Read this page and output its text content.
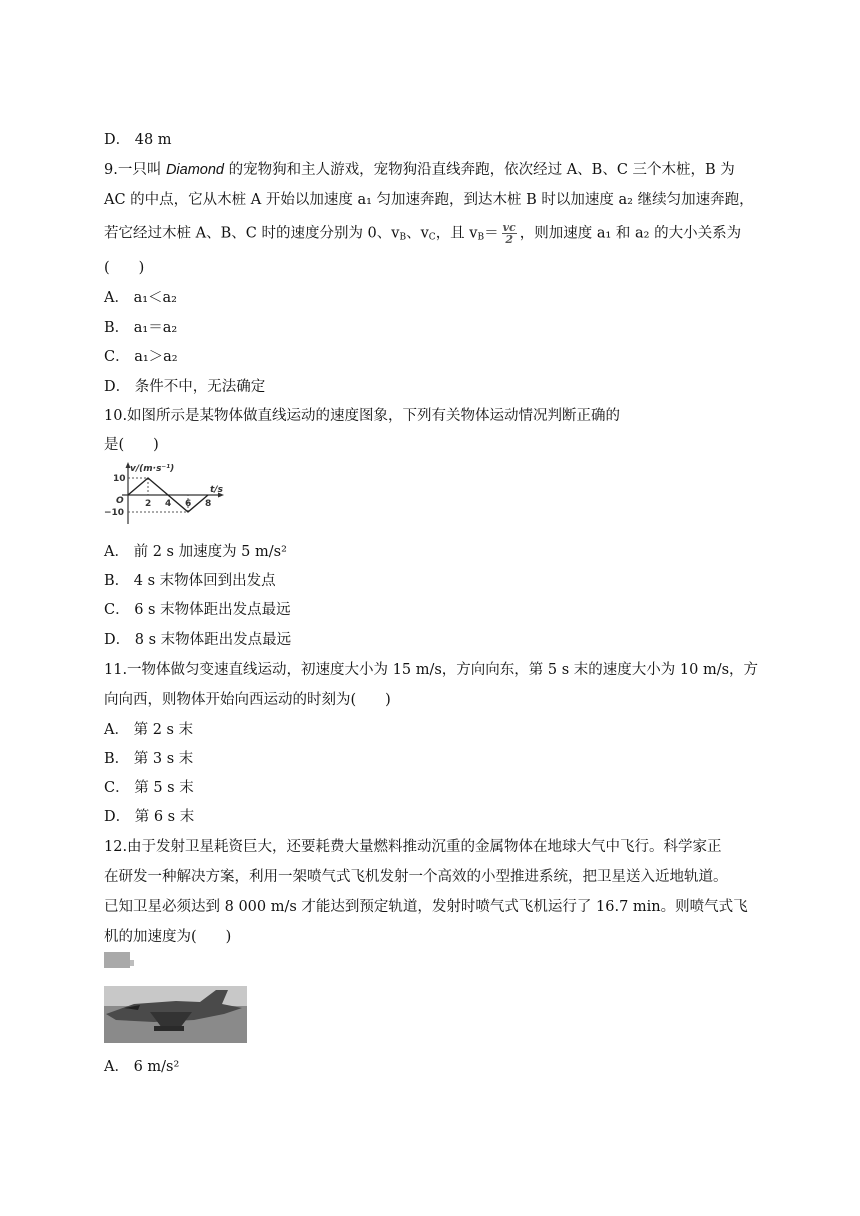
D． 48 m
9.一只叫 Diamond 的宠物狗和主人游戏，宠物狗沿直线奔跑，依次经过 A、B、C 三个木桩，B 为
AC 的中点，它从木桩 A 开始以加速度 a₁ 匀加速奔跑，到达木桩 B 时以加速度 a₂ 继续匀加速奔跑，
若它经过木桩 A、B、C 时的速度分别为 0、$v_B$、$v_C$，且 $v_B= \frac{vc}{2}$ ，则加速度 a₁ 和 a₂ 的大小关系为
(　　)
A． a₁＜a₂
B． a₁＝a₂
C． a₁＞a₂
D． 条件不中，无法确定
10.如图所示是某物体做直线运动的速度图象，下列有关物体运动情况判断正确的
是(　　)
v/(m·s⁻¹)
t/s
O 2 4 6 8
10
−10
A． 前 2 s 加速度为 5 m/s²
B． 4 s 末物体回到出发点
C． 6 s 末物体距出发点最远
D． 8 s 末物体距出发点最远
11.一物体做匀变速直线运动，初速度大小为 15 m/s，方向向东，第 5 s 末的速度大小为 10 m/s，方
向向西，则物体开始向西运动的时刻为(　　)
A． 第 2 s 末
B． 第 3 s 末
C． 第 5 s 末
D． 第 6 s 末
12.由于发射卫星耗资巨大，还要耗费大量燃料推动沉重的金属物体在地球大气中飞行。科学家正
在研发一种解决方案，利用一架喷气式飞机发射一个高效的小型推进系统，把卫星送入近地轨道。
已知卫星必须达到 8 000 m/s 才能达到预定轨道，发射时喷气式飞机运行了 16.7 min。则喷气式飞
机的加速度为(　　)
A． 6 m/s²
